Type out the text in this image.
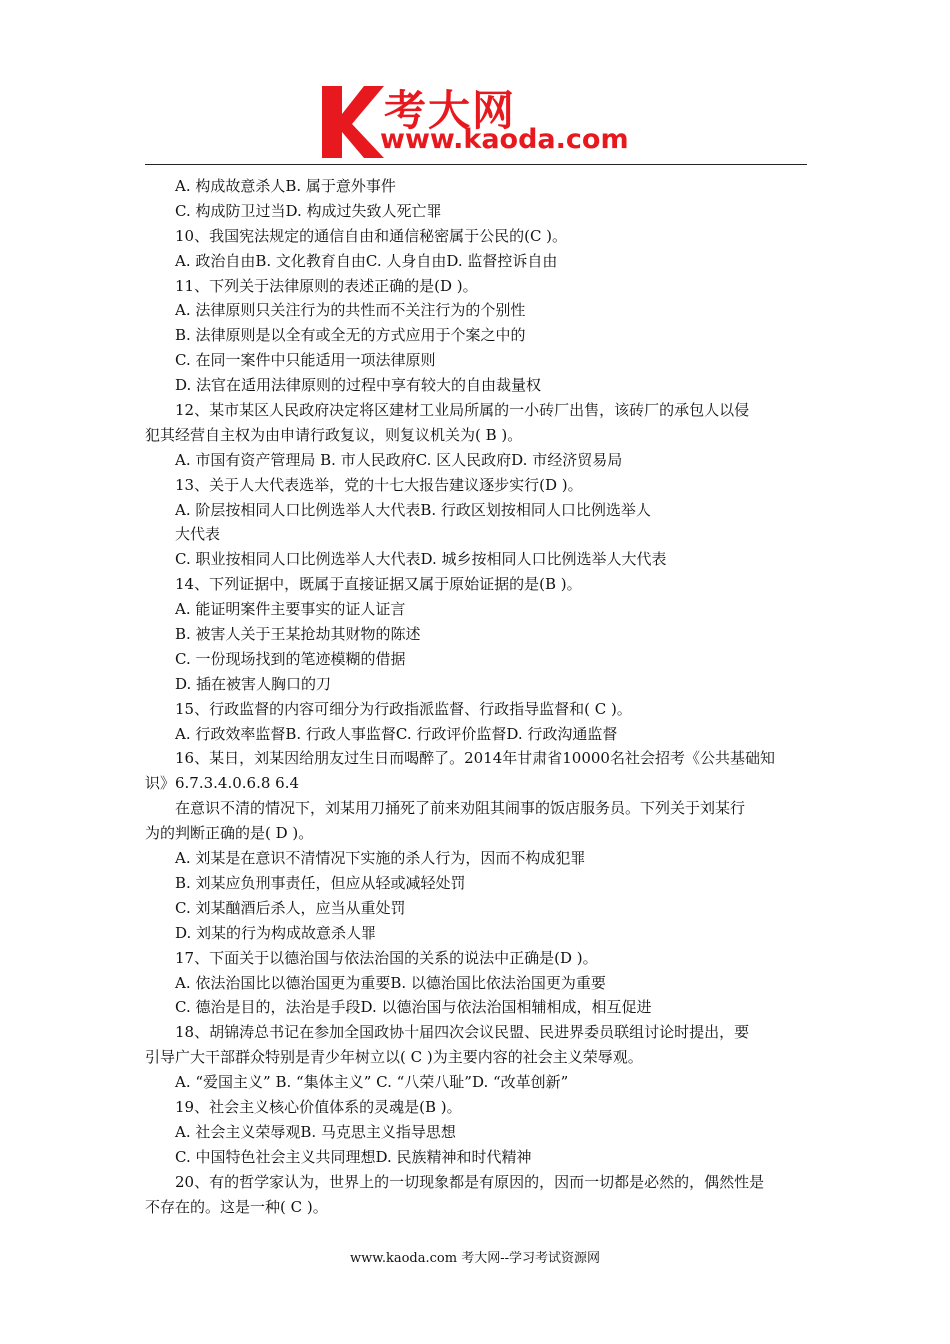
考大网
www.kaoda.com
A. 构成故意杀人B. 属于意外事件
C. 构成防卫过当D. 构成过失致人死亡罪
10、我国宪法规定的通信自由和通信秘密属于公民的(C )。
A. 政治自由B. 文化教育自由C. 人身自由D. 监督控诉自由
11、下列关于法律原则的表述正确的是(D )。
A. 法律原则只关注行为的共性而不关注行为的个别性
B. 法律原则是以全有或全无的方式应用于个案之中的
C. 在同一案件中只能适用一项法律原则
D. 法官在适用法律原则的过程中享有较大的自由裁量权
12、某市某区人民政府决定将区建材工业局所属的一小砖厂出售，该砖厂的承包人以侵
犯其经营自主权为由申请行政复议，则复议机关为( B )。
A. 市国有资产管理局 B. 市人民政府C. 区人民政府D. 市经济贸易局
13、关于人大代表选举，党的十七大报告建议逐步实行(D )。
A. 阶层按相同人口比例选举人大代表B. 行政区划按相同人口比例选举人
大代表
C. 职业按相同人口比例选举人大代表D. 城乡按相同人口比例选举人大代表
14、下列证据中，既属于直接证据又属于原始证据的是(B )。
A. 能证明案件主要事实的证人证言
B. 被害人关于王某抢劫其财物的陈述
C. 一份现场找到的笔迹模糊的借据
D. 插在被害人胸口的刀
15、行政监督的内容可细分为行政指派监督、行政指导监督和( C )。
A. 行政效率监督B. 行政人事监督C. 行政评价监督D. 行政沟通监督
16、某日，刘某因给朋友过生日而喝醉了。2014年甘肃省10000名社会招考《公共基础知
识》6.7.3.4.0.6.8 6.4
在意识不清的情况下，刘某用刀捅死了前来劝阻其闹事的饭店服务员。下列关于刘某行
为的判断正确的是( D )。
A. 刘某是在意识不清情况下实施的杀人行为，因而不构成犯罪
B. 刘某应负刑事责任，但应从轻或减轻处罚
C. 刘某酗酒后杀人，应当从重处罚
D. 刘某的行为构成故意杀人罪
17、下面关于以德治国与依法治国的关系的说法中正确是(D )。
A. 依法治国比以德治国更为重要B. 以德治国比依法治国更为重要
C. 德治是目的，法治是手段D. 以德治国与依法治国相辅相成，相互促进
18、胡锦涛总书记在参加全国政协十届四次会议民盟、民进界委员联组讨论时提出，要
引导广大干部群众特别是青少年树立以( C )为主要内容的社会主义荣辱观。
A. “爱国主义” B. “集体主义” C. “八荣八耻”D. “改革创新”
19、社会主义核心价值体系的灵魂是(B )。
A. 社会主义荣辱观B. 马克思主义指导思想
C. 中国特色社会主义共同理想D. 民族精神和时代精神
20、有的哲学家认为，世界上的一切现象都是有原因的，因而一切都是必然的，偶然性是
不存在的。这是一种( C )。
www.kaoda.com 考大网--学习考试资源网
